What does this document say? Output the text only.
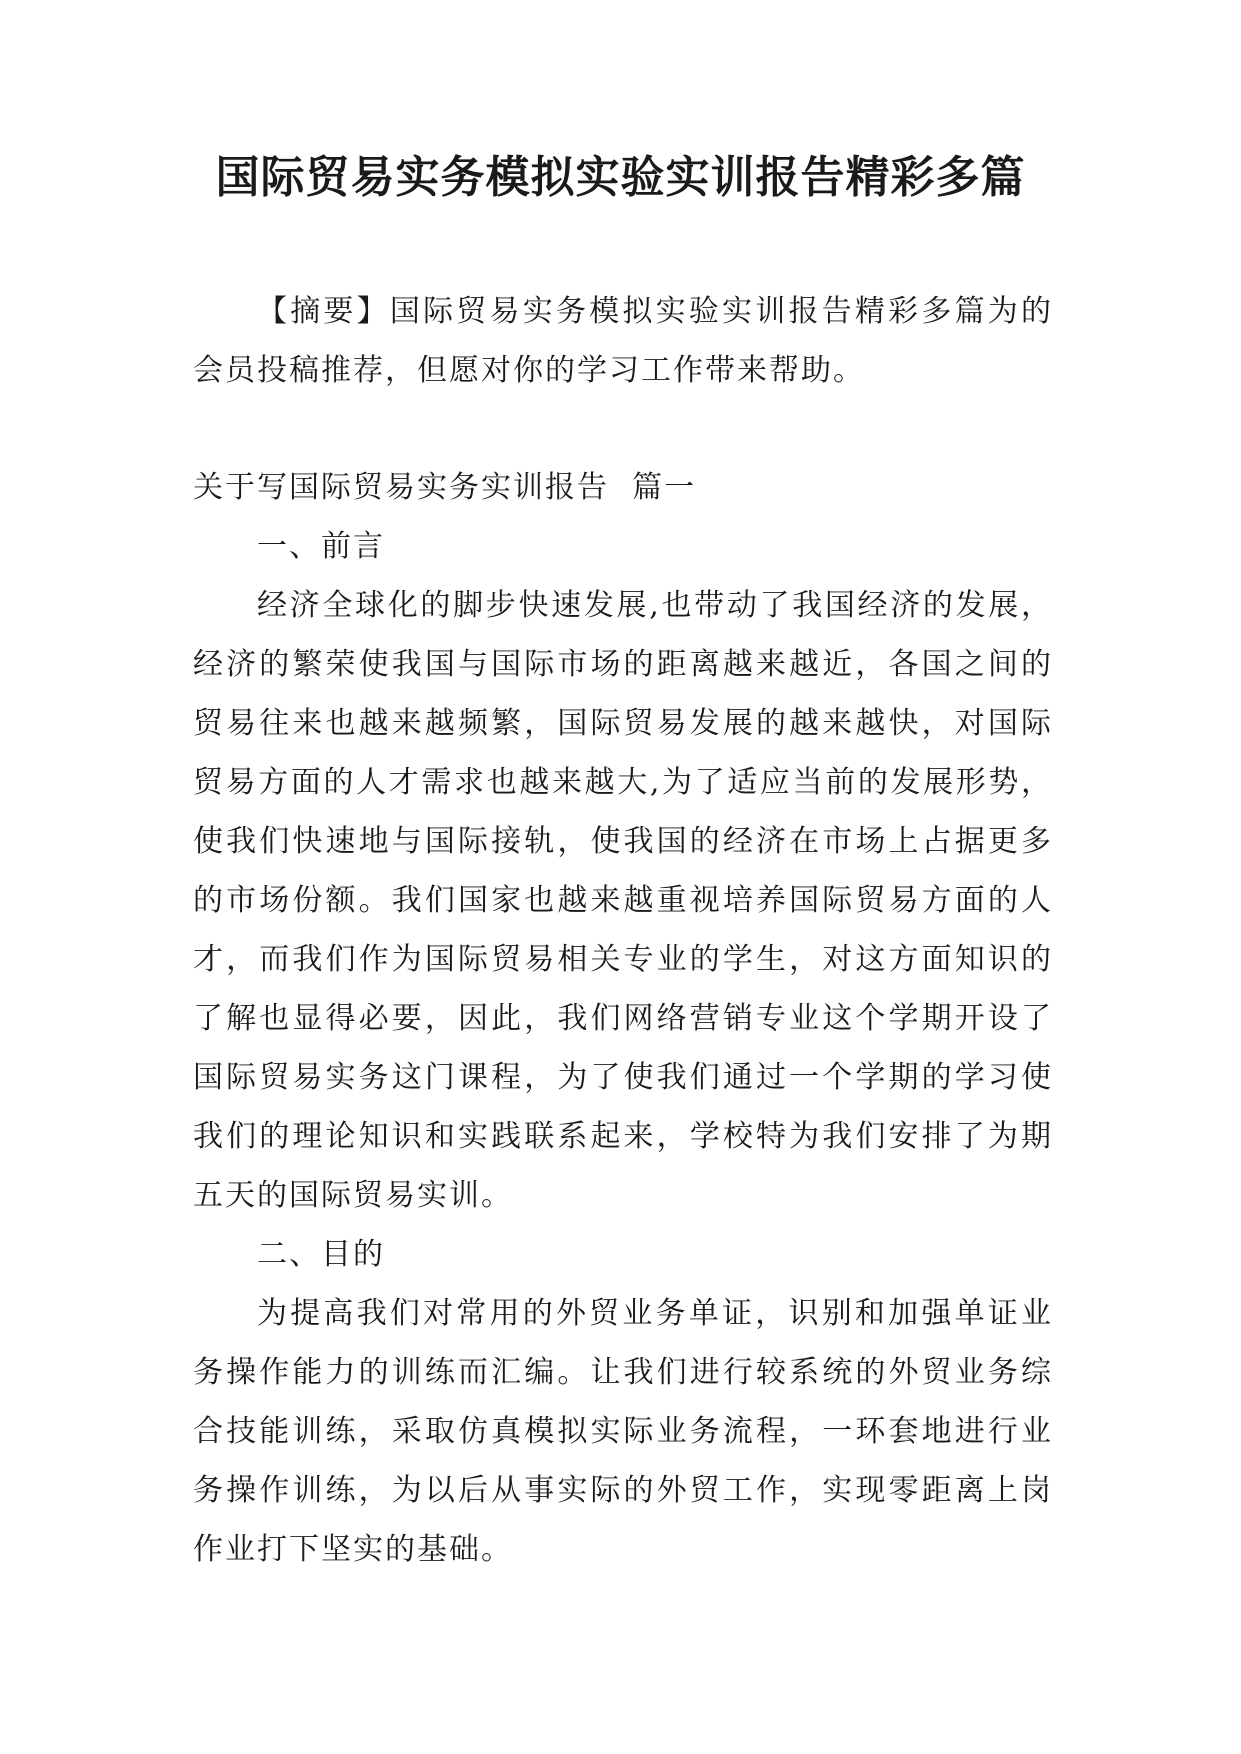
国际贸易实务模拟实验实训报告精彩多篇

【摘要】国际贸易实务模拟实验实训报告精彩多篇为的会员投稿推荐，但愿对你的学习工作带来帮助。

关于写国际贸易实务实训报告  篇一

一、前言

经济全球化的脚步快速发展,也带动了我国经济的发展，经济的繁荣使我国与国际市场的距离越来越近，各国之间的贸易往来也越来越频繁，国际贸易发展的越来越快，对国际贸易方面的人才需求也越来越大,为了适应当前的发展形势，使我们快速地与国际接轨，使我国的经济在市场上占据更多的市场份额。我们国家也越来越重视培养国际贸易方面的人才，而我们作为国际贸易相关专业的学生，对这方面知识的了解也显得必要，因此，我们网络营销专业这个学期开设了国际贸易实务这门课程，为了使我们通过一个学期的学习使我们的理论知识和实践联系起来，学校特为我们安排了为期五天的国际贸易实训。

二、目的

为提高我们对常用的外贸业务单证，识别和加强单证业务操作能力的训练而汇编。让我们进行较系统的外贸业务综合技能训练，采取仿真模拟实际业务流程，一环套地进行业务操作训练，为以后从事实际的外贸工作，实现零距离上岗作业打下坚实的基础。
